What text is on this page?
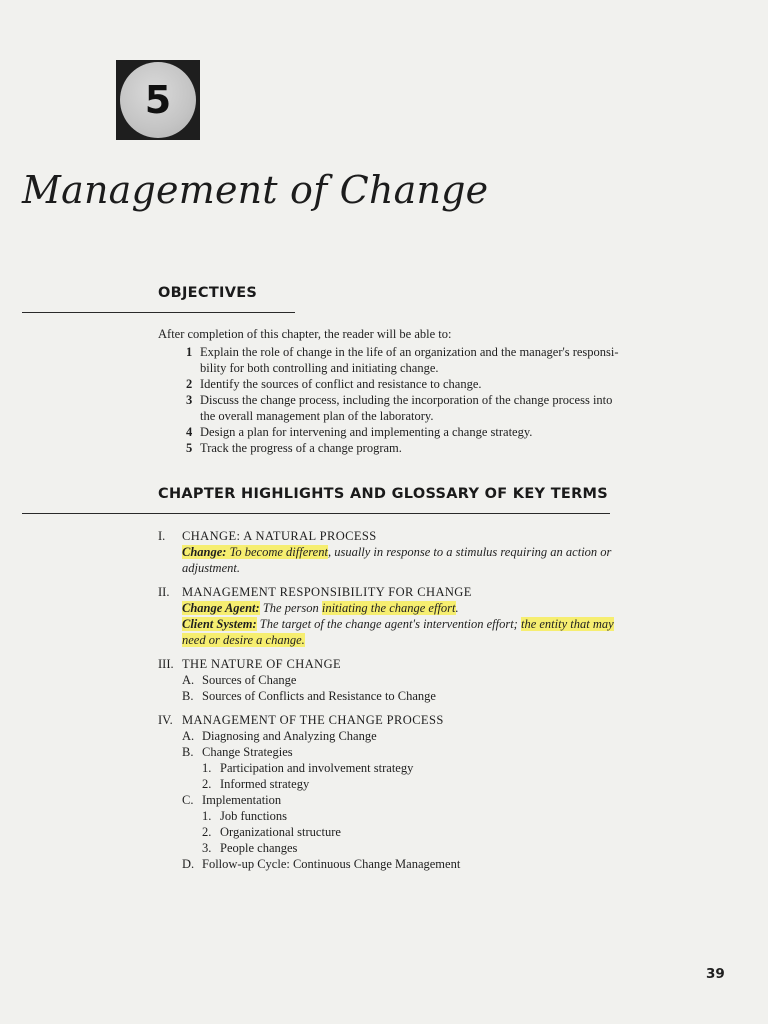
5
Management of Change
OBJECTIVES
After completion of this chapter, the reader will be able to:
1 Explain the role of change in the life of an organization and the manager's responsi-
bility for both controlling and initiating change.
2 Identify the sources of conflict and resistance to change.
3 Discuss the change process, including the incorporation of the change process into
the overall management plan of the laboratory.
4 Design a plan for intervening and implementing a change strategy.
5 Track the progress of a change program.
CHAPTER HIGHLIGHTS AND GLOSSARY OF KEY TERMS
I. CHANGE: A NATURAL PROCESS
Change: To become different, usually in response to a stimulus requiring an action or
adjustment.
II. MANAGEMENT RESPONSIBILITY FOR CHANGE
Change Agent: The person initiating the change effort.
Client System: The target of the change agent's intervention effort; the entity that may
need or desire a change.
III. THE NATURE OF CHANGE
A. Sources of Change
B. Sources of Conflicts and Resistance to Change
IV. MANAGEMENT OF THE CHANGE PROCESS
A. Diagnosing and Analyzing Change
B. Change Strategies
1. Participation and involvement strategy
2. Informed strategy
C. Implementation
1. Job functions
2. Organizational structure
3. People changes
D. Follow-up Cycle: Continuous Change Management
39
